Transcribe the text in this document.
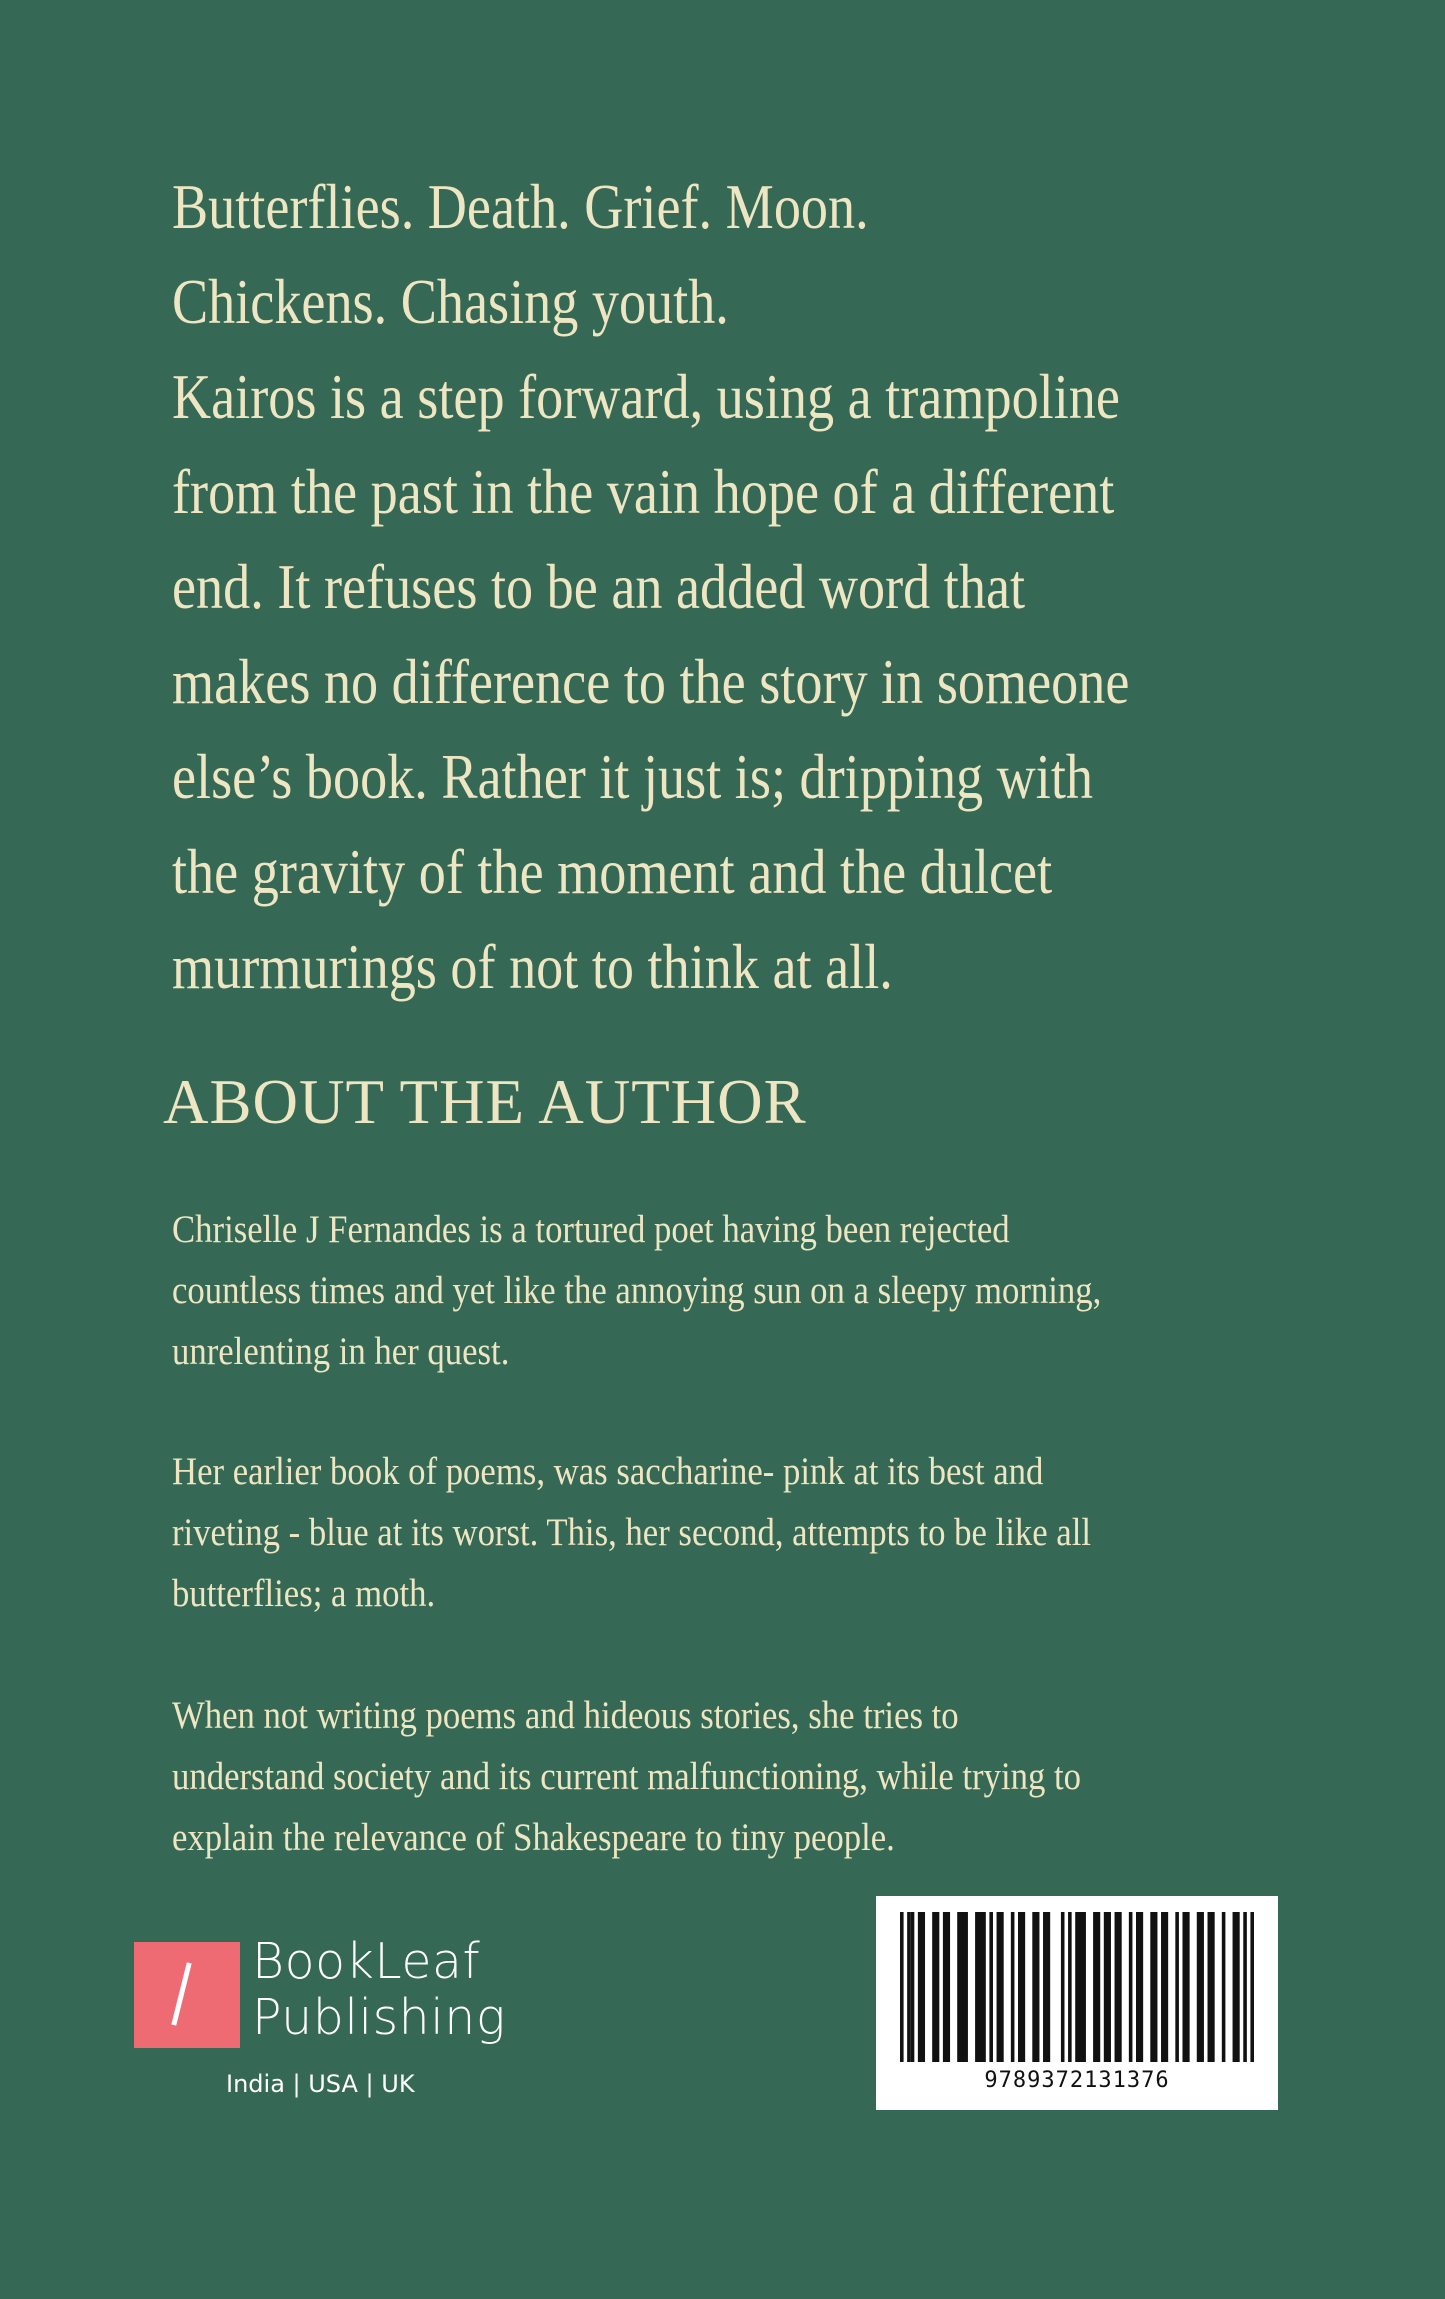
Butterflies. Death. Grief. Moon.
Chickens. Chasing youth.
Kairos is a step forward, using a trampoline
from the past in the vain hope of a different
end. It refuses to be an added word that
makes no difference to the story in someone
else’s book. Rather it just is; dripping with
the gravity of the moment and the dulcet
murmurings of not to think at all.
ABOUT THE AUTHOR

Chriselle J Fernandes is a tortured poet having been rejected
countless times and yet like the annoying sun on a sleepy morning,
unrelenting in her quest.

Her earlier book of poems, was saccharine- pink at its best and
riveting - blue at its worst. This, her second, attempts to be like all
butterflies; a moth.

When not writing poems and hideous stories, she tries to
understand society and its current malfunctioning, while trying to
explain the relevance of Shakespeare to tiny people.

BookLeaf
Publishing
India | USA | UK	9789372131376
